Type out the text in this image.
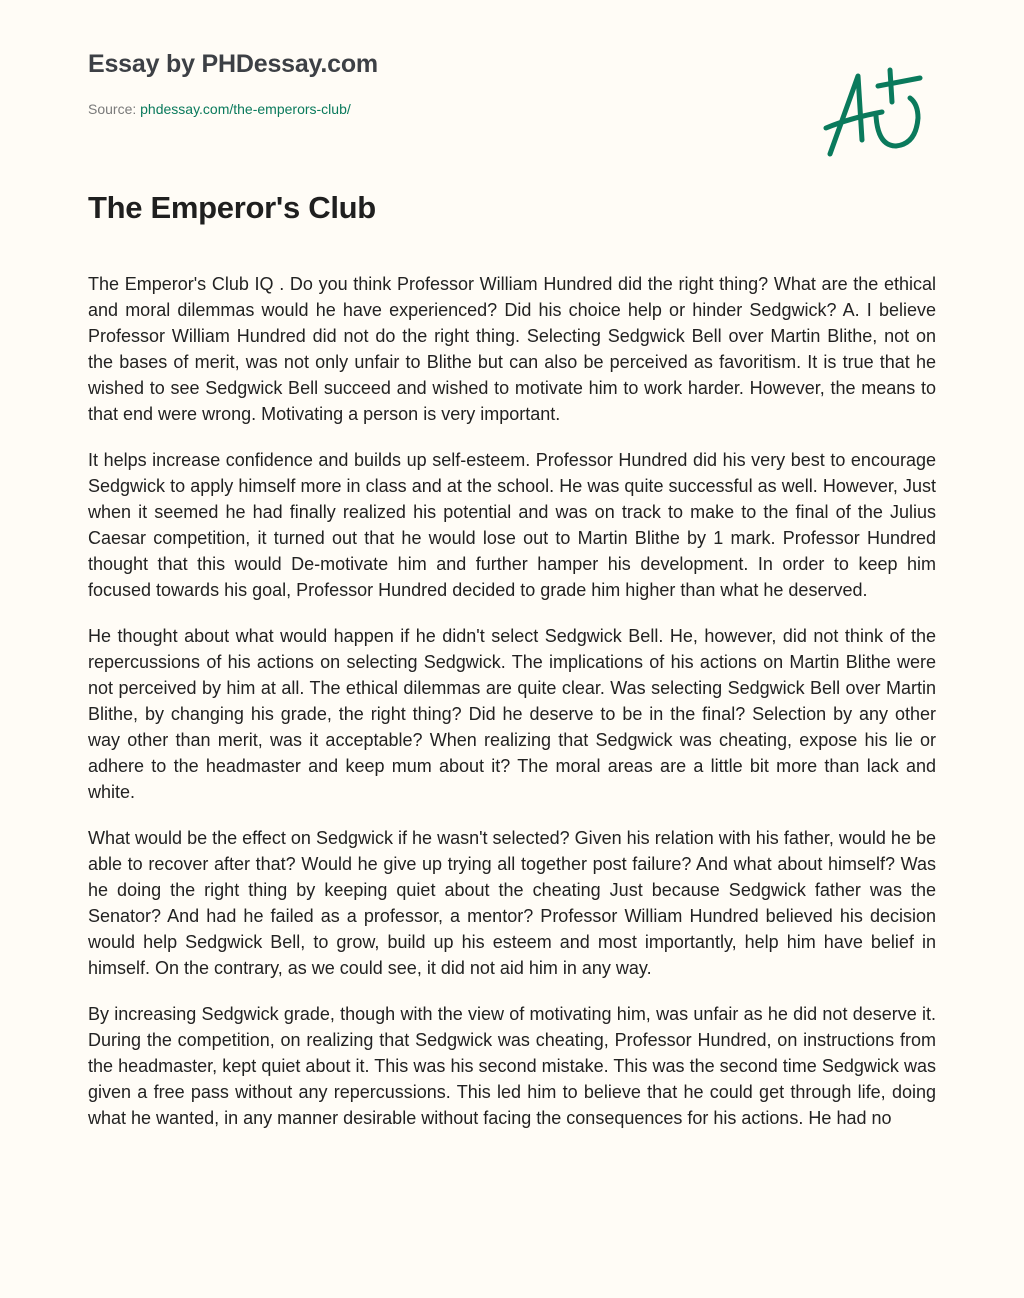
Essay by PHDessay.com
Source: phdessay.com/the-emperors-club/
The Emperor's Club

The Emperor's Club IQ . Do you think Professor William Hundred did the right thing? What are the ethical and moral dilemmas would he have experienced? Did his choice help or hinder Sedgwick? A. I believe Professor William Hundred did not do the right thing. Selecting Sedgwick Bell over Martin Blithe, not on the bases of merit, was not only unfair to Blithe but can also be perceived as favoritism. It is true that he wished to see Sedgwick Bell succeed and wished to motivate him to work harder. However, the means to that end were wrong. Motivating a person is very important.

It helps increase confidence and builds up self-esteem. Professor Hundred did his very best to encourage Sedgwick to apply himself more in class and at the school. He was quite successful as well. However, Just when it seemed he had finally realized his potential and was on track to make to the final of the Julius Caesar competition, it turned out that he would lose out to Martin Blithe by 1 mark. Professor Hundred thought that this would De-motivate him and further hamper his development. In order to keep him focused towards his goal, Professor Hundred decided to grade him higher than what he deserved.

He thought about what would happen if he didn't select Sedgwick Bell. He, however, did not think of the repercussions of his actions on selecting Sedgwick. The implications of his actions on Martin Blithe were not perceived by him at all. The ethical dilemmas are quite clear. Was selecting Sedgwick Bell over Martin Blithe, by changing his grade, the right thing? Did he deserve to be in the final? Selection by any other way other than merit, was it acceptable? When realizing that Sedgwick was cheating, expose his lie or adhere to the headmaster and keep mum about it? The moral areas are a little bit more than lack and white.

What would be the effect on Sedgwick if he wasn't selected? Given his relation with his father, would he be able to recover after that? Would he give up trying all together post failure? And what about himself? Was he doing the right thing by keeping quiet about the cheating Just because Sedgwick father was the Senator? And had he failed as a professor, a mentor? Professor William Hundred believed his decision would help Sedgwick Bell, to grow, build up his esteem and most importantly, help him have belief in himself. On the contrary, as we could see, it did not aid him in any way.

By increasing Sedgwick grade, though with the view of motivating him, was unfair as he did not deserve it. During the competition, on realizing that Sedgwick was cheating, Professor Hundred, on instructions from the headmaster, kept quiet about it. This was his second mistake. This was the second time Sedgwick was given a free pass without any repercussions. This led him to believe that he could get through life, doing what he wanted, in any manner desirable without facing the consequences for his actions. He had no
